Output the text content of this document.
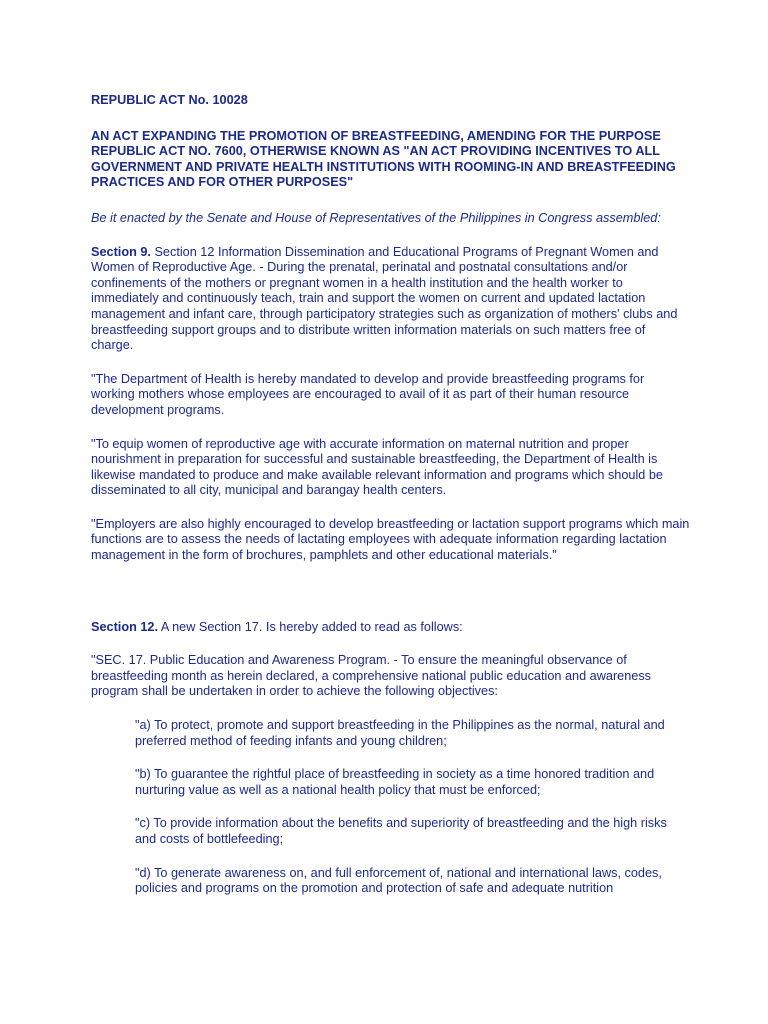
REPUBLIC ACT No. 10028

AN ACT EXPANDING THE PROMOTION OF BREASTFEEDING, AMENDING FOR THE PURPOSE REPUBLIC ACT NO. 7600, OTHERWISE KNOWN AS "AN ACT PROVIDING INCENTIVES TO ALL GOVERNMENT AND PRIVATE HEALTH INSTITUTIONS WITH ROOMING-IN AND BREASTFEEDING PRACTICES AND FOR OTHER PURPOSES"

Be it enacted by the Senate and House of Representatives of the Philippines in Congress assembled:

Section 9. Section 12 Information Dissemination and Educational Programs of Pregnant Women and Women of Reproductive Age. - During the prenatal, perinatal and postnatal consultations and/or confinements of the mothers or pregnant women in a health institution and the health worker to immediately and continuously teach, train and support the women on current and updated lactation management and infant care, through participatory strategies such as organization of mothers' clubs and breastfeeding support groups and to distribute written information materials on such matters free of charge.

"The Department of Health is hereby mandated to develop and provide breastfeeding programs for working mothers whose employees are encouraged to avail of it as part of their human resource development programs.

"To equip women of reproductive age with accurate information on maternal nutrition and proper nourishment in preparation for successful and sustainable breastfeeding, the Department of Health is likewise mandated to produce and make available relevant information and programs which should be disseminated to all city, municipal and barangay health centers.

"Employers are also highly encouraged to develop breastfeeding or lactation support programs which main functions are to assess the needs of lactating employees with adequate information regarding lactation management in the form of brochures, pamphlets and other educational materials."

Section 12. A new Section 17. Is hereby added to read as follows:

"SEC. 17. Public Education and Awareness Program. - To ensure the meaningful observance of breastfeeding month as herein declared, a comprehensive national public education and awareness program shall be undertaken in order to achieve the following objectives:

"a) To protect, promote and support breastfeeding in the Philippines as the normal, natural and preferred method of feeding infants and young children;

"b) To guarantee the rightful place of breastfeeding in society as a time honored tradition and nurturing value as well as a national health policy that must be enforced;

"c) To provide information about the benefits and superiority of breastfeeding and the high risks and costs of bottlefeeding;

"d) To generate awareness on, and full enforcement of, national and international laws, codes, policies and programs on the promotion and protection of safe and adequate nutrition
